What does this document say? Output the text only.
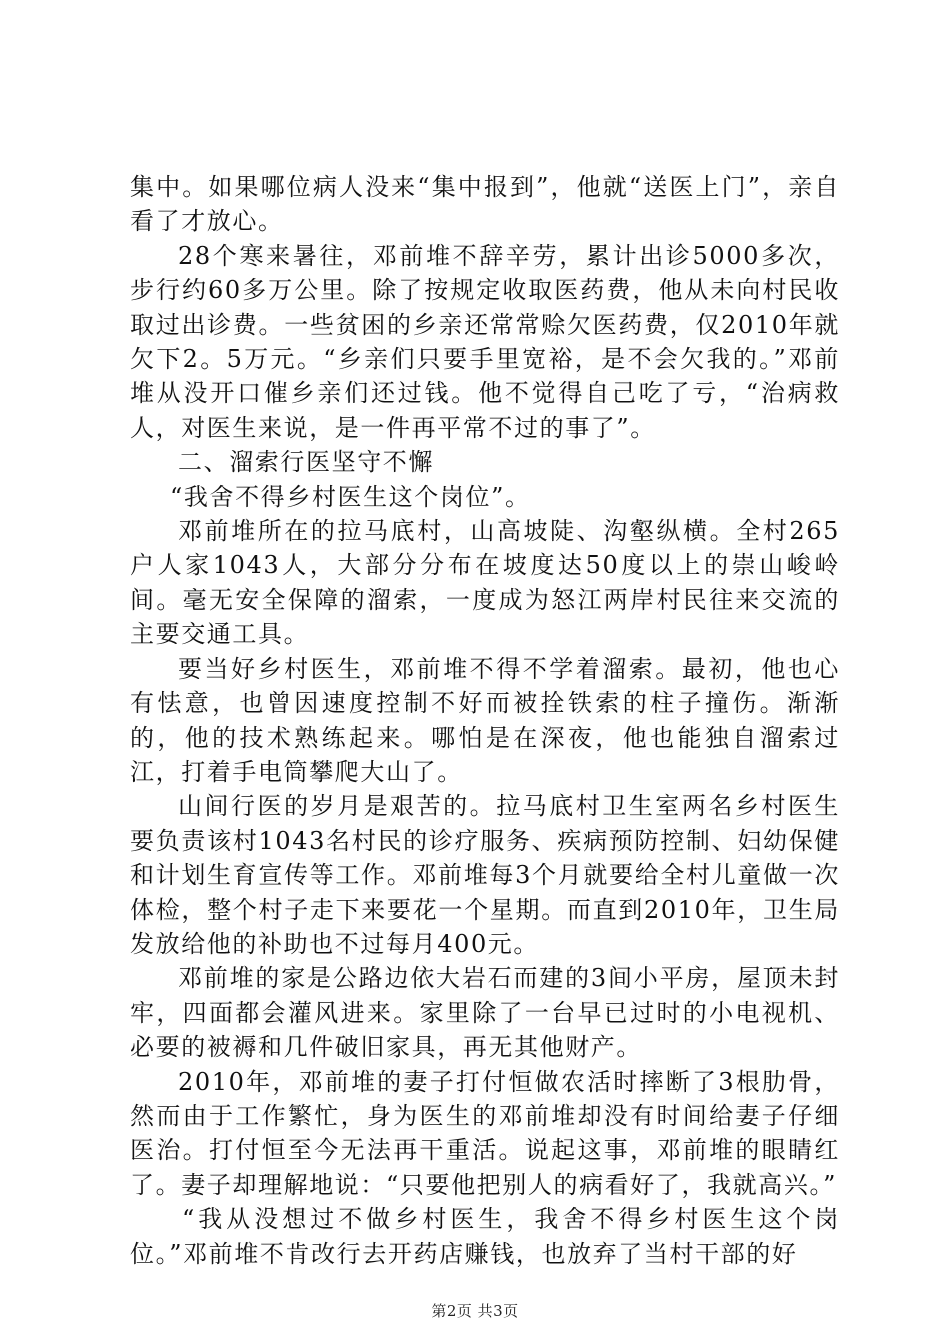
集中。如果哪位病人没来“集中报到”，他就“送医上门”，亲自看了才放心。

28个寒来暑往，邓前堆不辞辛劳，累计出诊5000多次，步行约60多万公里。除了按规定收取医药费，他从未向村民收取过出诊费。一些贫困的乡亲还常常赊欠医药费，仅2010年就欠下2。5万元。“乡亲们只要手里宽裕，是不会欠我的。”邓前堆从没开口催乡亲们还过钱。他不觉得自己吃了亏，“治病救人，对医生来说，是一件再平常不过的事了”。

二、溜索行医坚守不懈

“我舍不得乡村医生这个岗位”。

邓前堆所在的拉马底村，山高坡陡、沟壑纵横。全村265户人家1043人，大部分分布在坡度达50度以上的崇山峻岭间。毫无安全保障的溜索，一度成为怒江两岸村民往来交流的主要交通工具。

要当好乡村医生，邓前堆不得不学着溜索。最初，他也心有怯意，也曾因速度控制不好而被拴铁索的柱子撞伤。渐渐的，他的技术熟练起来。哪怕是在深夜，他也能独自溜索过江，打着手电筒攀爬大山了。

山间行医的岁月是艰苦的。拉马底村卫生室两名乡村医生要负责该村1043名村民的诊疗服务、疾病预防控制、妇幼保健和计划生育宣传等工作。邓前堆每3个月就要给全村儿童做一次体检，整个村子走下来要花一个星期。而直到2010年，卫生局发放给他的补助也不过每月400元。

邓前堆的家是公路边依大岩石而建的3间小平房，屋顶未封牢，四面都会灌风进来。家里除了一台早已过时的小电视机、必要的被褥和几件破旧家具，再无其他财产。

2010年，邓前堆的妻子打付恒做农活时摔断了3根肋骨，然而由于工作繁忙，身为医生的邓前堆却没有时间给妻子仔细医治。打付恒至今无法再干重活。说起这事，邓前堆的眼睛红了。妻子却理解地说：“只要他把别人的病看好了，我就高兴。”

“我从没想过不做乡村医生，我舍不得乡村医生这个岗位。”邓前堆不肯改行去开药店赚钱，也放弃了当村干部的好

第2页 共3页
